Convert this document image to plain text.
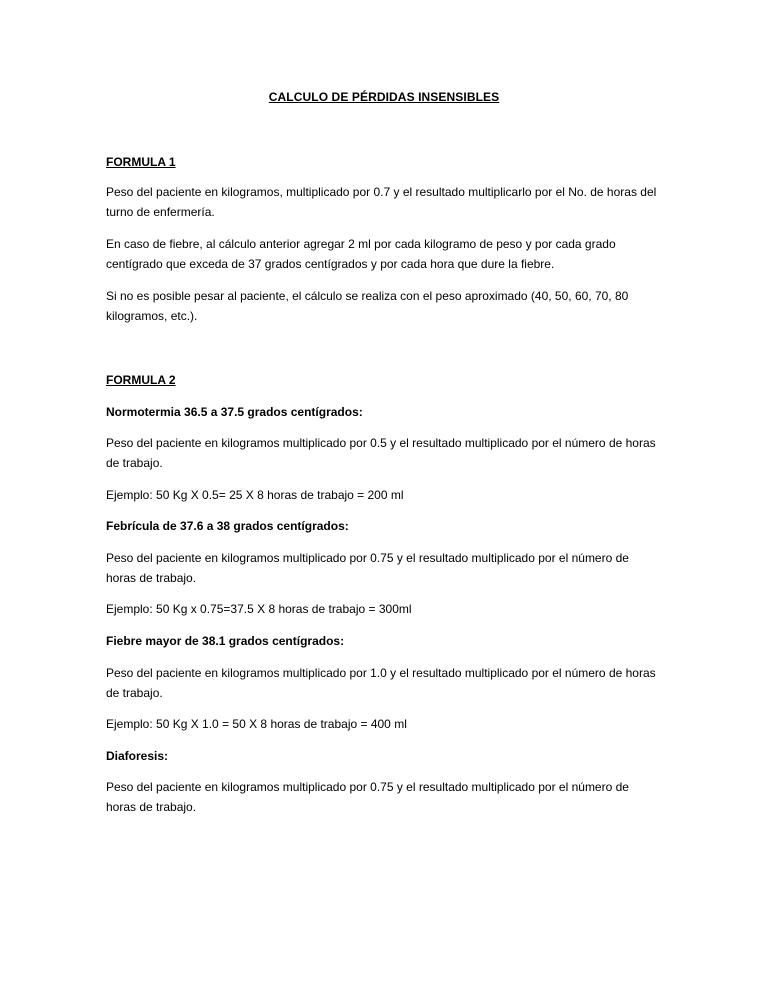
CALCULO DE PÉRDIDAS INSENSIBLES
FORMULA 1
Peso del paciente en kilogramos, multiplicado por 0.7 y el resultado multiplicarlo por el No. de horas del turno de enfermería.
En caso de fiebre, al cálculo anterior agregar 2 ml por cada kilogramo de peso y por cada grado centígrado que exceda de 37 grados centígrados y por cada hora que dure la fiebre.
Si no es posible pesar al paciente, el cálculo se realiza con el peso aproximado (40, 50, 60, 70, 80 kilogramos, etc.).
FORMULA 2
Normotermia 36.5 a 37.5 grados centígrados:
Peso del paciente en kilogramos multiplicado por 0.5 y el resultado multiplicado por el número de horas de trabajo.
Ejemplo: 50 Kg X 0.5= 25 X 8 horas de trabajo = 200 ml
Febrícula de 37.6 a 38 grados centígrados:
Peso del paciente en kilogramos multiplicado por 0.75 y el resultado multiplicado por el número de horas de trabajo.
Ejemplo: 50 Kg x 0.75=37.5 X 8 horas de trabajo = 300ml
Fiebre mayor de 38.1 grados centígrados:
Peso del paciente en kilogramos multiplicado por 1.0 y el resultado multiplicado por el número de horas de trabajo.
Ejemplo: 50 Kg X 1.0 = 50 X 8 horas de trabajo = 400 ml
Diaforesis:
Peso del paciente en kilogramos multiplicado por 0.75 y el resultado multiplicado por el número de horas de trabajo.
